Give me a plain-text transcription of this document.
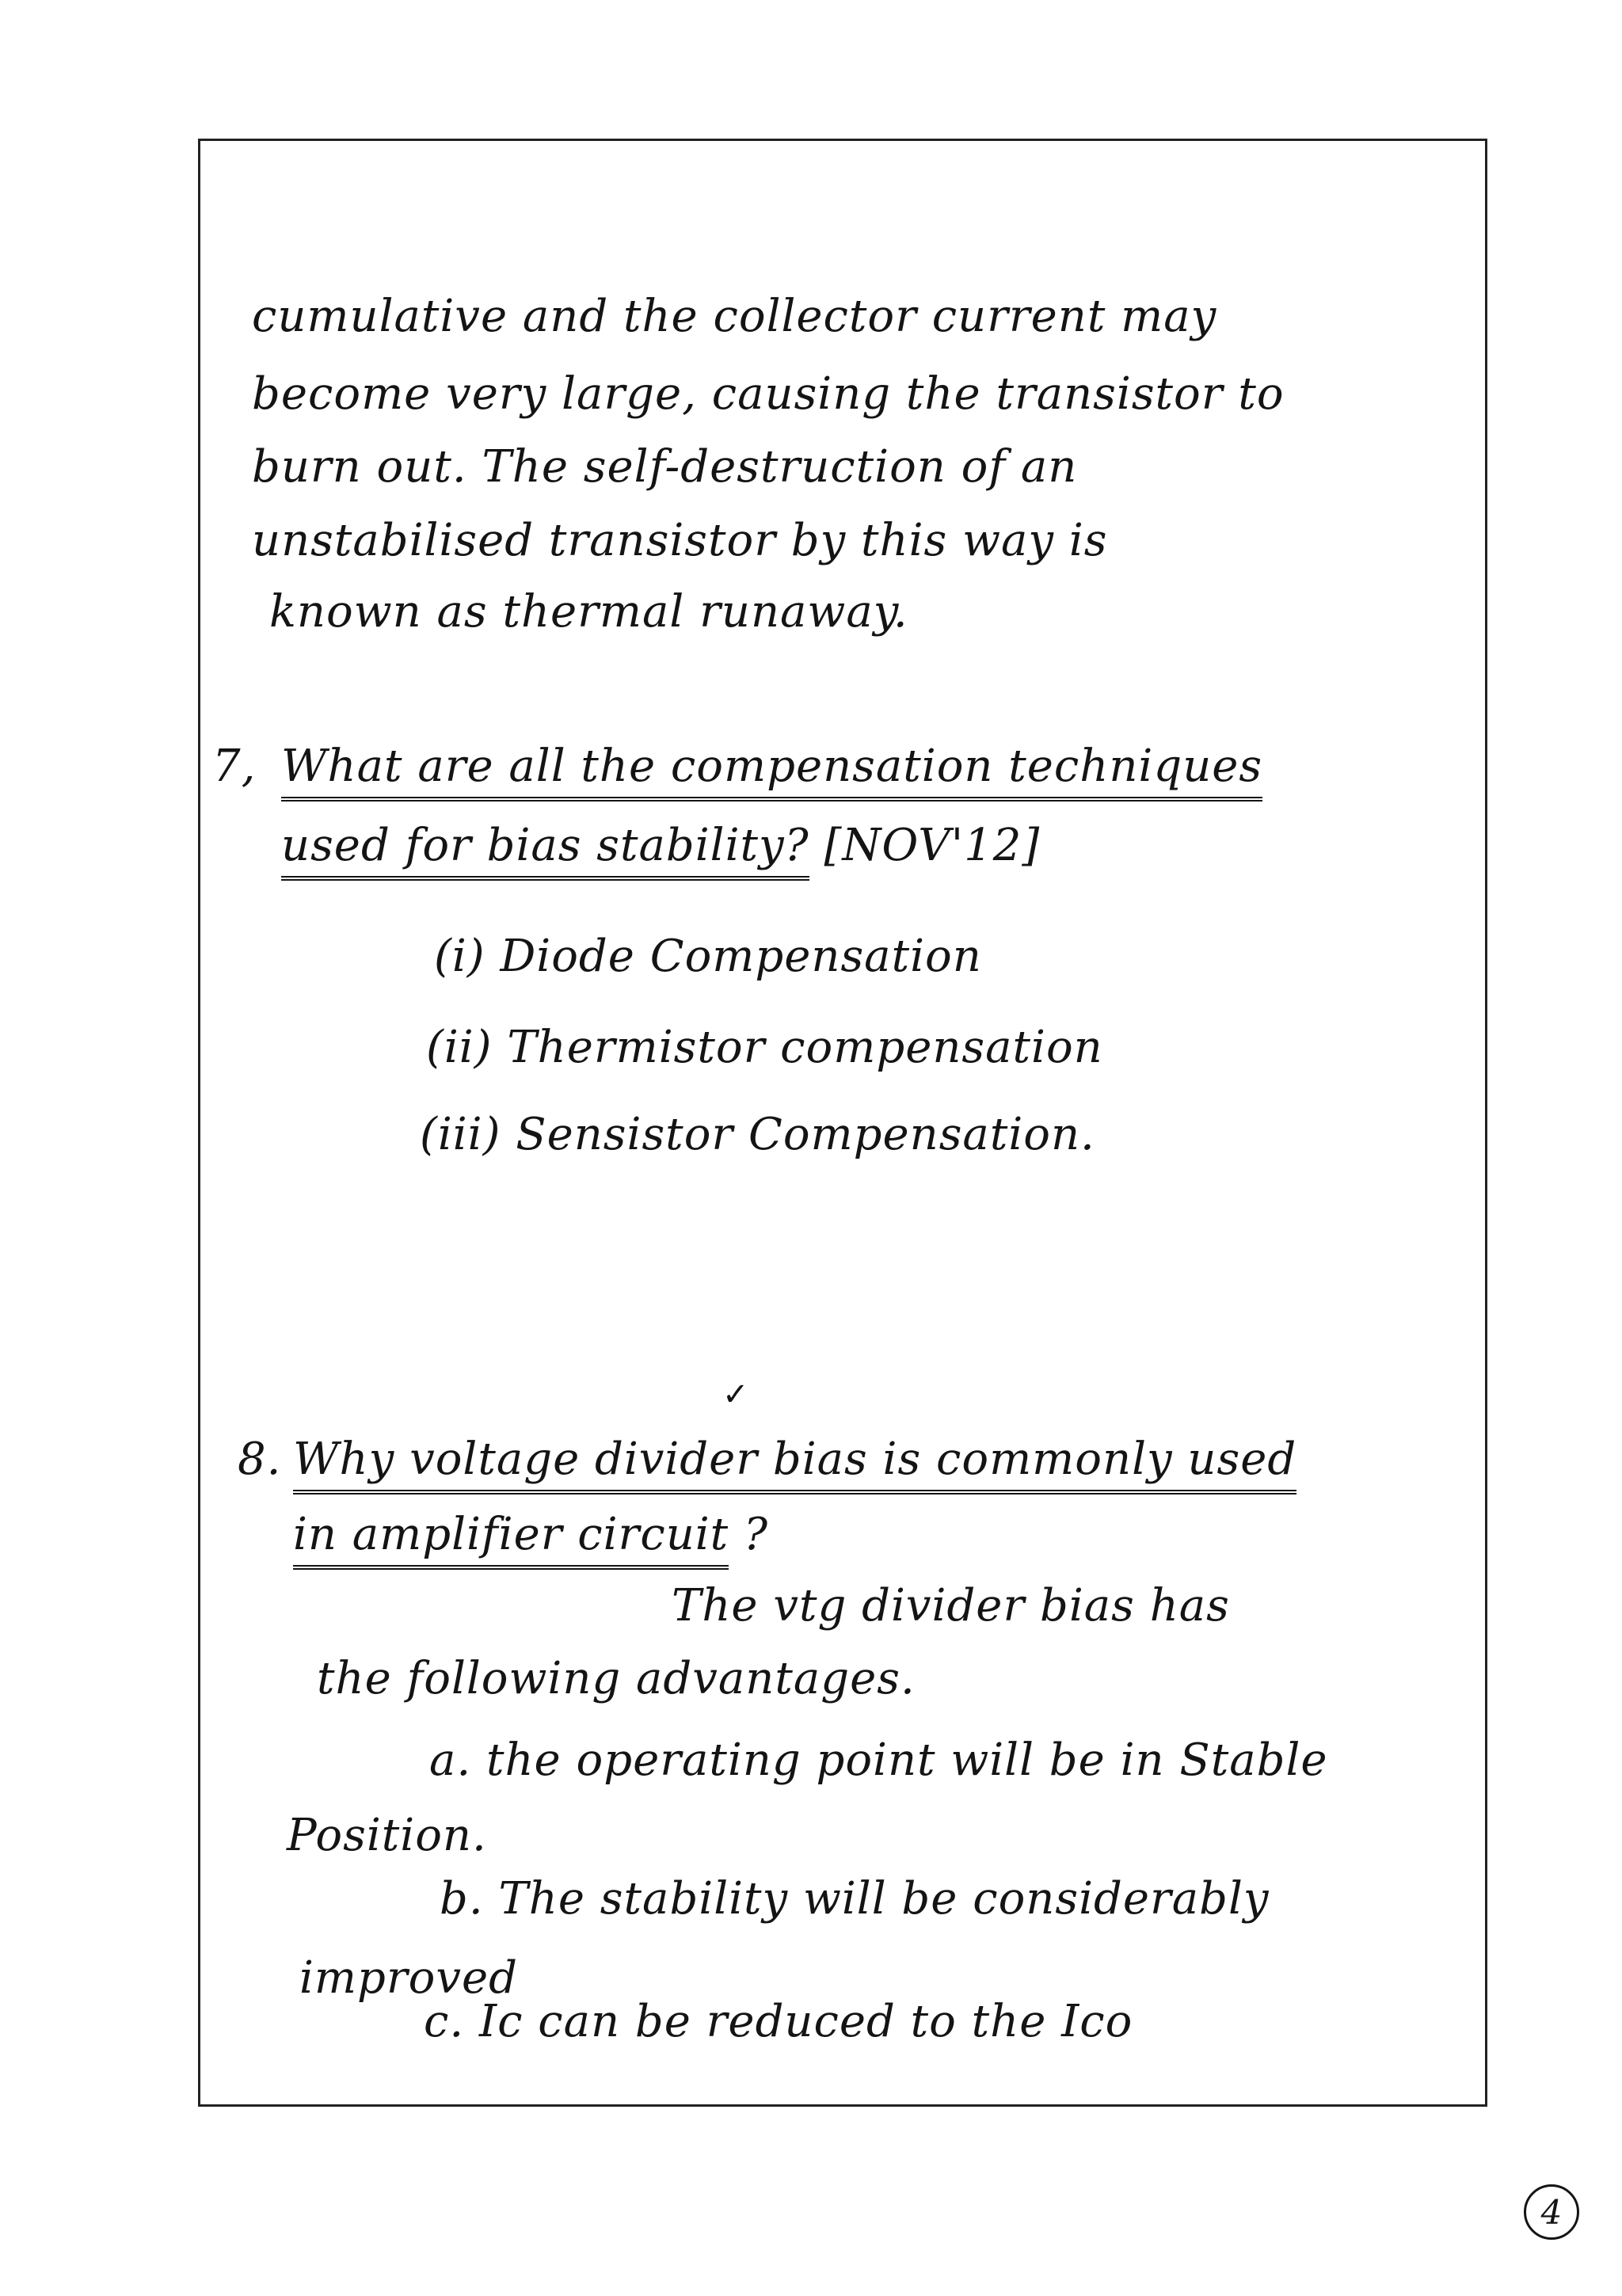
cumulative and the collector current may
become very large, causing the transistor to
burn out. The self-destruction of an
unstabilised transistor by this way is
known as thermal runaway.
7, What are all the compensation techniques
used for bias stability? [NOV'12]
(i) Diode Compensation
(ii) Thermistor compensation
(iii) Sensistor Compensation.
✓
8. Why voltage divider bias is commonly used
in amplifier circuit ?
The vtg divider bias has
the following advantages.
a. the operating point will be in Stable
Position.
b. The stability will be considerably
improved
c. Ic can be reduced to the Ico
4
